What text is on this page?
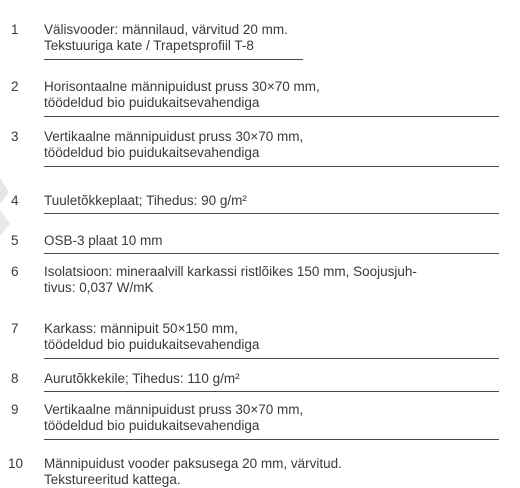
1 Välisvooder: männilaud, värvitud 20 mm.
Tekstuuriga kate / Trapetsprofiil T-8
2 Horisontaalne männipuidust pruss 30×70 mm,
töödeldud bio puidukaitsevahendiga
3 Vertikaalne männipuidust pruss 30×70 mm,
töödeldud bio puidukaitsevahendiga
4 Tuuletõkkeplaat; Tihedus: 90 g/m²
5 OSB-3 plaat 10 mm
6 Isolatsioon: mineraalvill karkassi ristlõikes 150 mm, Soojusjuh-
tivus: 0,037 W/mK
7 Karkass: männipuit 50×150 mm,
töödeldud bio puidukaitsevahendiga
8 Aurutõkkekile; Tihedus: 110 g/m²
9 Vertikaalne männipuidust pruss 30×70 mm,
töödeldud bio puidukaitsevahendiga
10 Männipuidust vooder paksusega 20 mm, värvitud.
Tekstureeritud kattega.
